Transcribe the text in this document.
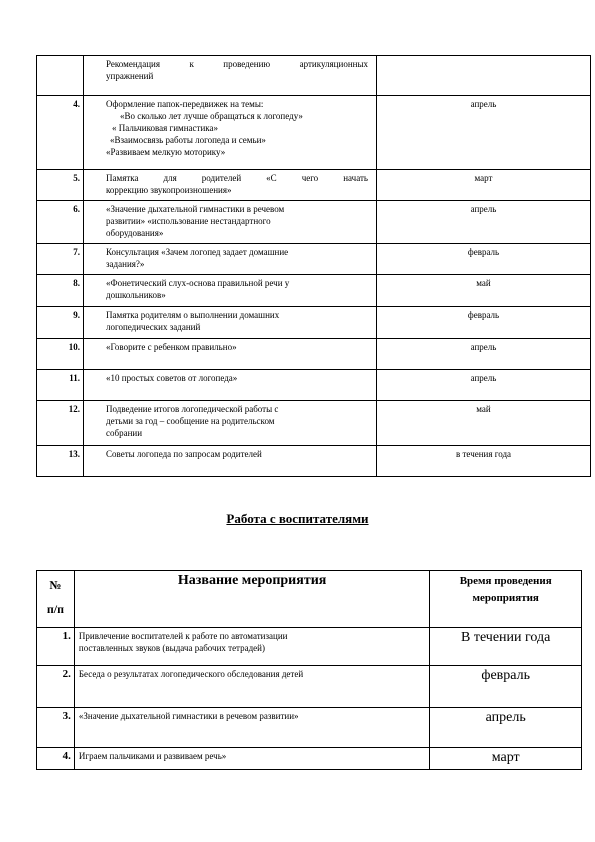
	Рекомендация к проведению артикуляционных
упражнений	

4.	Оформление папок-передвижек на темы:
«Во сколько лет лучше обращаться к логопеду»
« Пальчиковая гимнастика»
«Взаимосвязь работы логопеда и семьи»
«Развиваем мелкую моторику»	апрель
5.	Памятка для родителей «С чего начать
коррекцию звукопроизношения»	март
6.	«Значение дыхательной гимнастики в речевом
развитии» «использование нестандартного
оборудования»	апрель
7.	Консультация «Зачем логопед задает домашние
задания?»	февраль
8.	«Фонетический слух-основа правильной речи у
дошкольников»	май
9.	Памятка родителям о выполнении домашних
логопедических заданий	февраль
10.	«Говорите с ребенком правильно»	апрель
11.	«10 простых советов от логопеда»	апрель
12.	Подведение итогов логопедической работы с
детьми за год – сообщение на родительском
собрании	май
13.	Советы логопеда по запросам родителей	в течения года
Работа с воспитателями
№
п/п	Название мероприятия	Время проведения
мероприятия

1.	Привлечение воспитателей к работе по автоматизации
поставленных звуков (выдача рабочих тетрадей)	В течении года
2.	Беседа о результатах логопедического обследования детей	февраль
3.	«Значение дыхательной гимнастики в речевом развитии»	апрель
4.	Играем пальчиками и развиваем речь»	март
